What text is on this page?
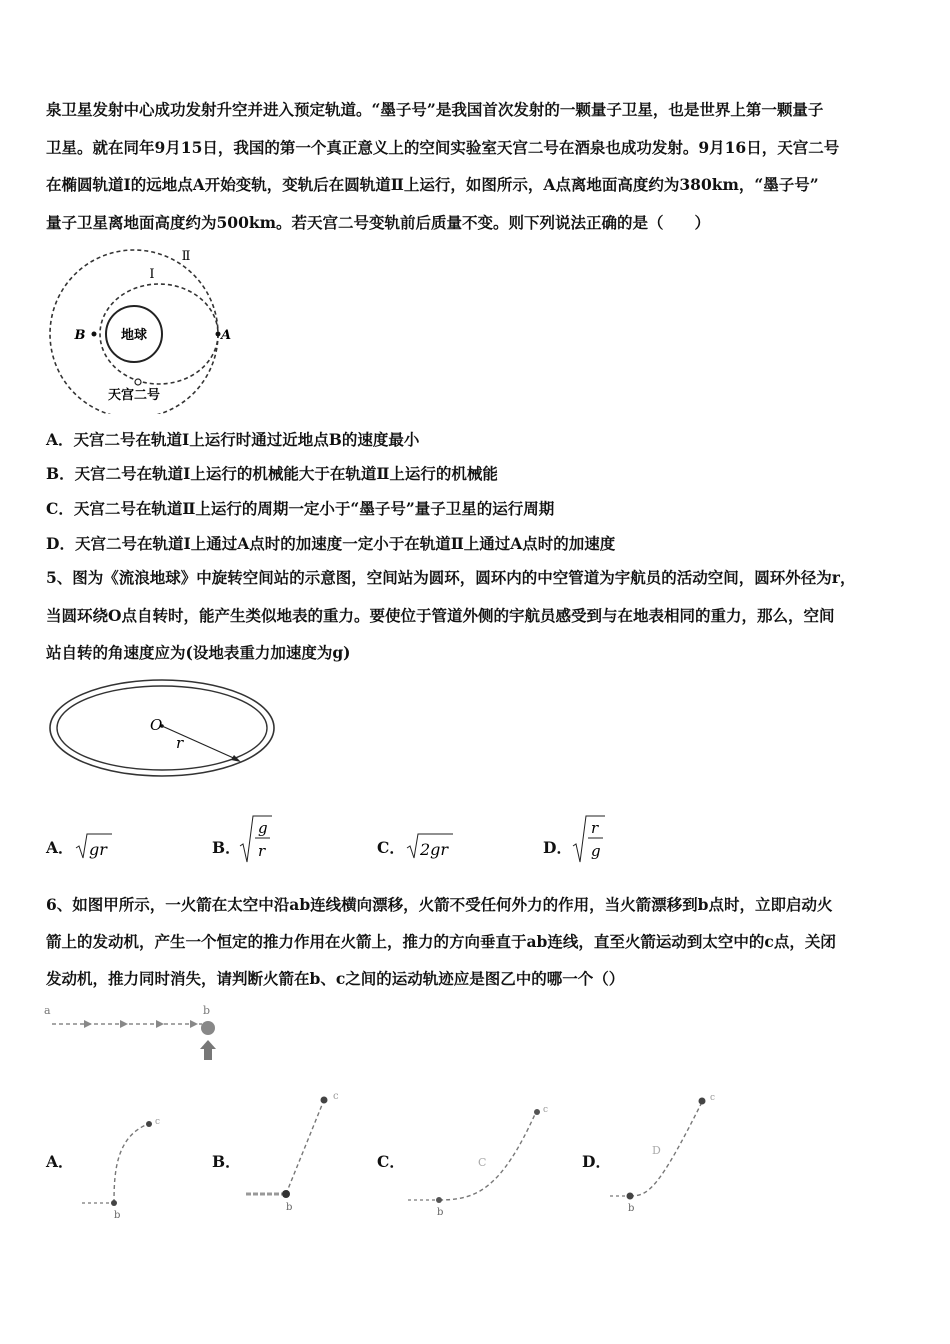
泉卫星发射中心成功发射升空并进入预定轨道。“墨子号”是我国首次发射的一颗量子卫星，也是世界上第一颗量子
卫星。就在同年9月15日，我国的第一个真正意义上的空间实验室天宫二号在酒泉也成功发射。9月16日，天宫二号
在椭圆轨道Ⅰ的远地点A开始变轨，变轨后在圆轨道Ⅱ上运行，如图所示，A点离地面高度约为380km，“墨子号”
量子卫星离地面高度约为500km。若天宫二号变轨前后质量不变。则下列说法正确的是（　　）
地球
Ⅰ
Ⅱ
B	A
天宫二号
A．天宫二号在轨道Ⅰ上运行时通过近地点B的速度最小
B．天宫二号在轨道Ⅰ上运行的机械能大于在轨道Ⅱ上运行的机械能
C．天宫二号在轨道Ⅱ上运行的周期一定小于“墨子号”量子卫星的运行周期
D．天宫二号在轨道Ⅰ上通过A点时的加速度一定小于在轨道Ⅱ上通过A点时的加速度
5、图为《流浪地球》中旋转空间站的示意图，空间站为圆环，圆环内的中空管道为宇航员的活动空间，圆环外径为r，
当圆环绕O点自转时，能产生类似地表的重力。要使位于管道外侧的宇航员感受到与在地表相同的重力，那么，空间
站自转的角速度应为(设地表重力加速度为g)
O
r
A． gr	B．
g
r	C． 2gr	D．
r
g
6、如图甲所示，一火箭在太空中沿ab连线横向漂移，火箭不受任何外力的作用，当火箭漂移到b点时，立即启动火
箭上的发动机，产生一个恒定的推力作用在火箭上，推力的方向垂直于ab连线，直至火箭运动到太空中的c点，关闭
发动机，推力同时消失，请判断火箭在b、c之间的运动轨迹应是图乙中的哪一个（）
a	b
A．	B．	C．	D．
b
c
b
c
b
c
C
b
c
D
